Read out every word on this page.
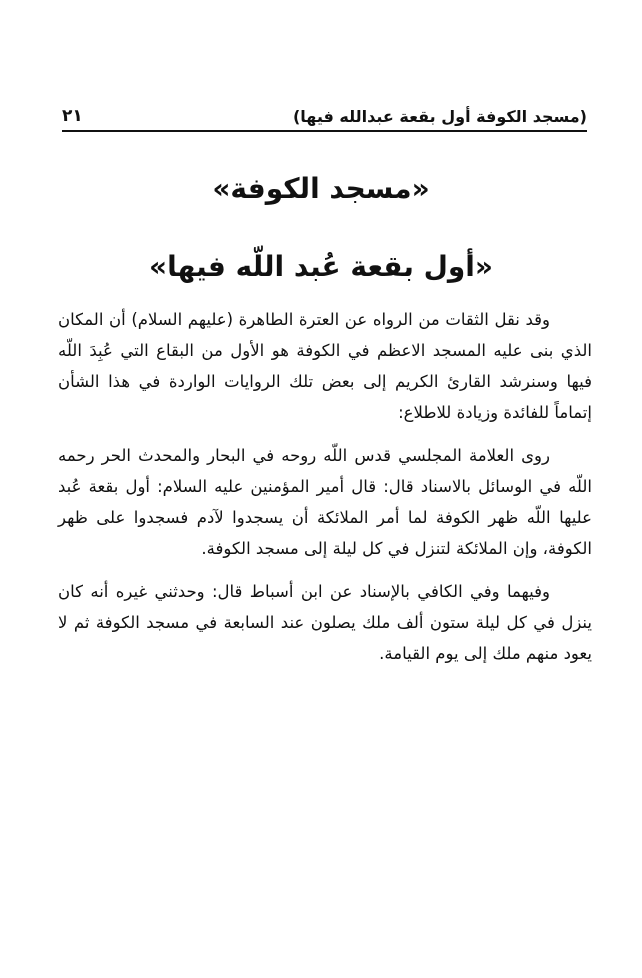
(مسجد الكوفة أول بقعة عبدالله فيها)
٢١
«مسجد الكوفة»
«أول بقعة عُبد اللّه فيها»

وقد نقل الثقات من الرواه عن العترة الطاهرة (عليهم السلام) أن المكان الذي بنى عليه المسجد الاعظم في الكوفة هو الأول من البقاع التي عُبِدَ اللّه فيها وسنرشد القارئ الكريم إلى بعض تلك الروايات الواردة في هذا الشأن إتماماً للفائدة وزيادة للاطلاع:

روى العلامة المجلسي قدس اللّه روحه في البحار والمحدث الحر رحمه اللّه في الوسائل بالاسناد قال: قال أمير المؤمنين عليه السلام: أول بقعة عُبد عليها اللّه ظهر الكوفة لما أمر الملائكة أن يسجدوا لآدم فسجدوا على ظهر الكوفة، وإن الملائكة لتنزل في كل ليلة إلى مسجد الكوفة.

وفيهما وفي الكافي بالإسناد عن ابن أسباط قال: وحدثني غيره أنه كان ينزل في كل ليلة ستون ألف ملك يصلون عند السابعة في مسجد الكوفة ثم لا يعود منهم ملك إلى يوم القيامة.
